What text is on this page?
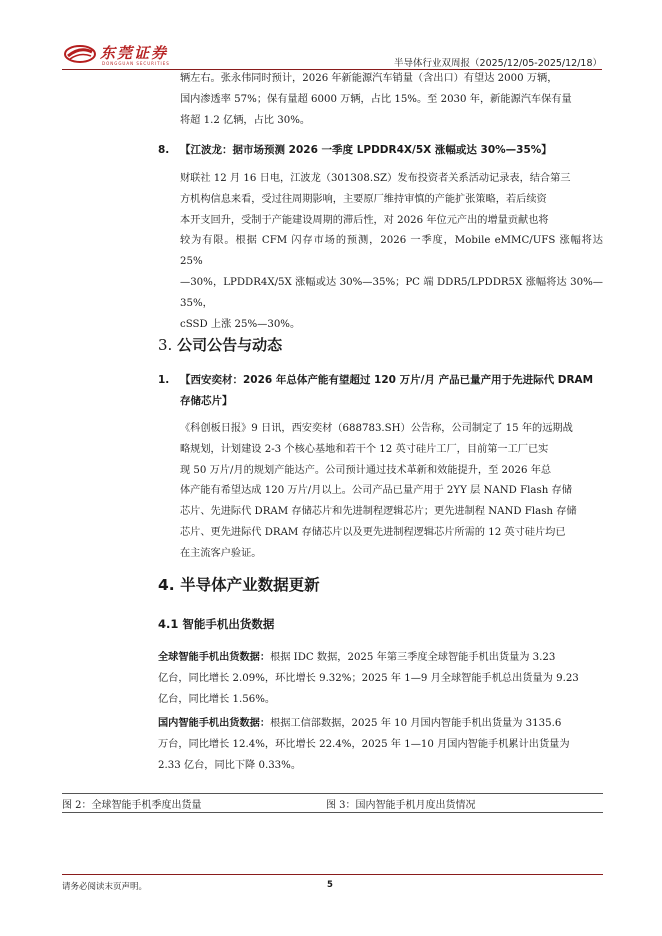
东莞证券
DONGGUAN SECURITIES	半导体行业双周报（2025/12/05-2025/12/18）
辆左右。张永伟同时预计，2026 年新能源汽车销量（含出口）有望达 2000 万辆，
国内渗透率 57%；保有量超 6000 万辆，占比 15%。至 2030 年，新能源汽车保有量
将超 1.2 亿辆，占比 30%。
8. 【江波龙：据市场预测 2026 一季度 LPDDR4X/5X 涨幅或达 30%—35%】
财联社 12 月 16 日电，江波龙（301308.SZ）发布投资者关系活动记录表，结合第三
方机构信息来看，受过往周期影响，主要原厂维持审慎的产能扩张策略，若后续资
本开支回升，受制于产能建设周期的滞后性，对 2026 年位元产出的增量贡献也将
较为有限。根据 CFM 闪存市场的预测，2026 一季度，Mobile eMMC/UFS 涨幅将达 25%
—30%，LPDDR4X/5X 涨幅或达 30%—35%；PC 端 DDR5/LPDDR5X 涨幅将达 30%—35%，
cSSD 上涨 25%—30%。
3. 公司公告与动态
1. 【西安奕材：2026 年总体产能有望超过 120 万片/月 产品已量产用于先进际代 DRAM
存储芯片】
《科创板日报》9 日讯，西安奕材（688783.SH）公告称，公司制定了 15 年的远期战
略规划，计划建设 2-3 个核心基地和若干个 12 英寸硅片工厂，目前第一工厂已实
现 50 万片/月的规划产能达产。公司预计通过技术革新和效能提升，至 2026 年总
体产能有希望达成 120 万片/月以上。公司产品已量产用于 2YY 层 NAND Flash 存储
芯片、先进际代 DRAM 存储芯片和先进制程逻辑芯片；更先进制程 NAND Flash 存储
芯片、更先进际代 DRAM 存储芯片以及更先进制程逻辑芯片所需的 12 英寸硅片均已
在主流客户验证。
4. 半导体产业数据更新
4.1 智能手机出货数据
全球智能手机出货数据：根据 IDC 数据，2025 年第三季度全球智能手机出货量为 3.23
亿台，同比增长 2.09%，环比增长 9.32%；2025 年 1—9 月全球智能手机总出货量为 9.23
亿台，同比增长 1.56%。
国内智能手机出货数据：根据工信部数据，2025 年 10 月国内智能手机出货量为 3135.6
万台，同比增长 12.4%，环比增长 22.4%，2025 年 1—10 月国内智能手机累计出货量为
2.33 亿台，同比下降 0.33%。
图 2：全球智能手机季度出货量	图 3：国内智能手机月度出货情况
请务必阅读末页声明。	5
